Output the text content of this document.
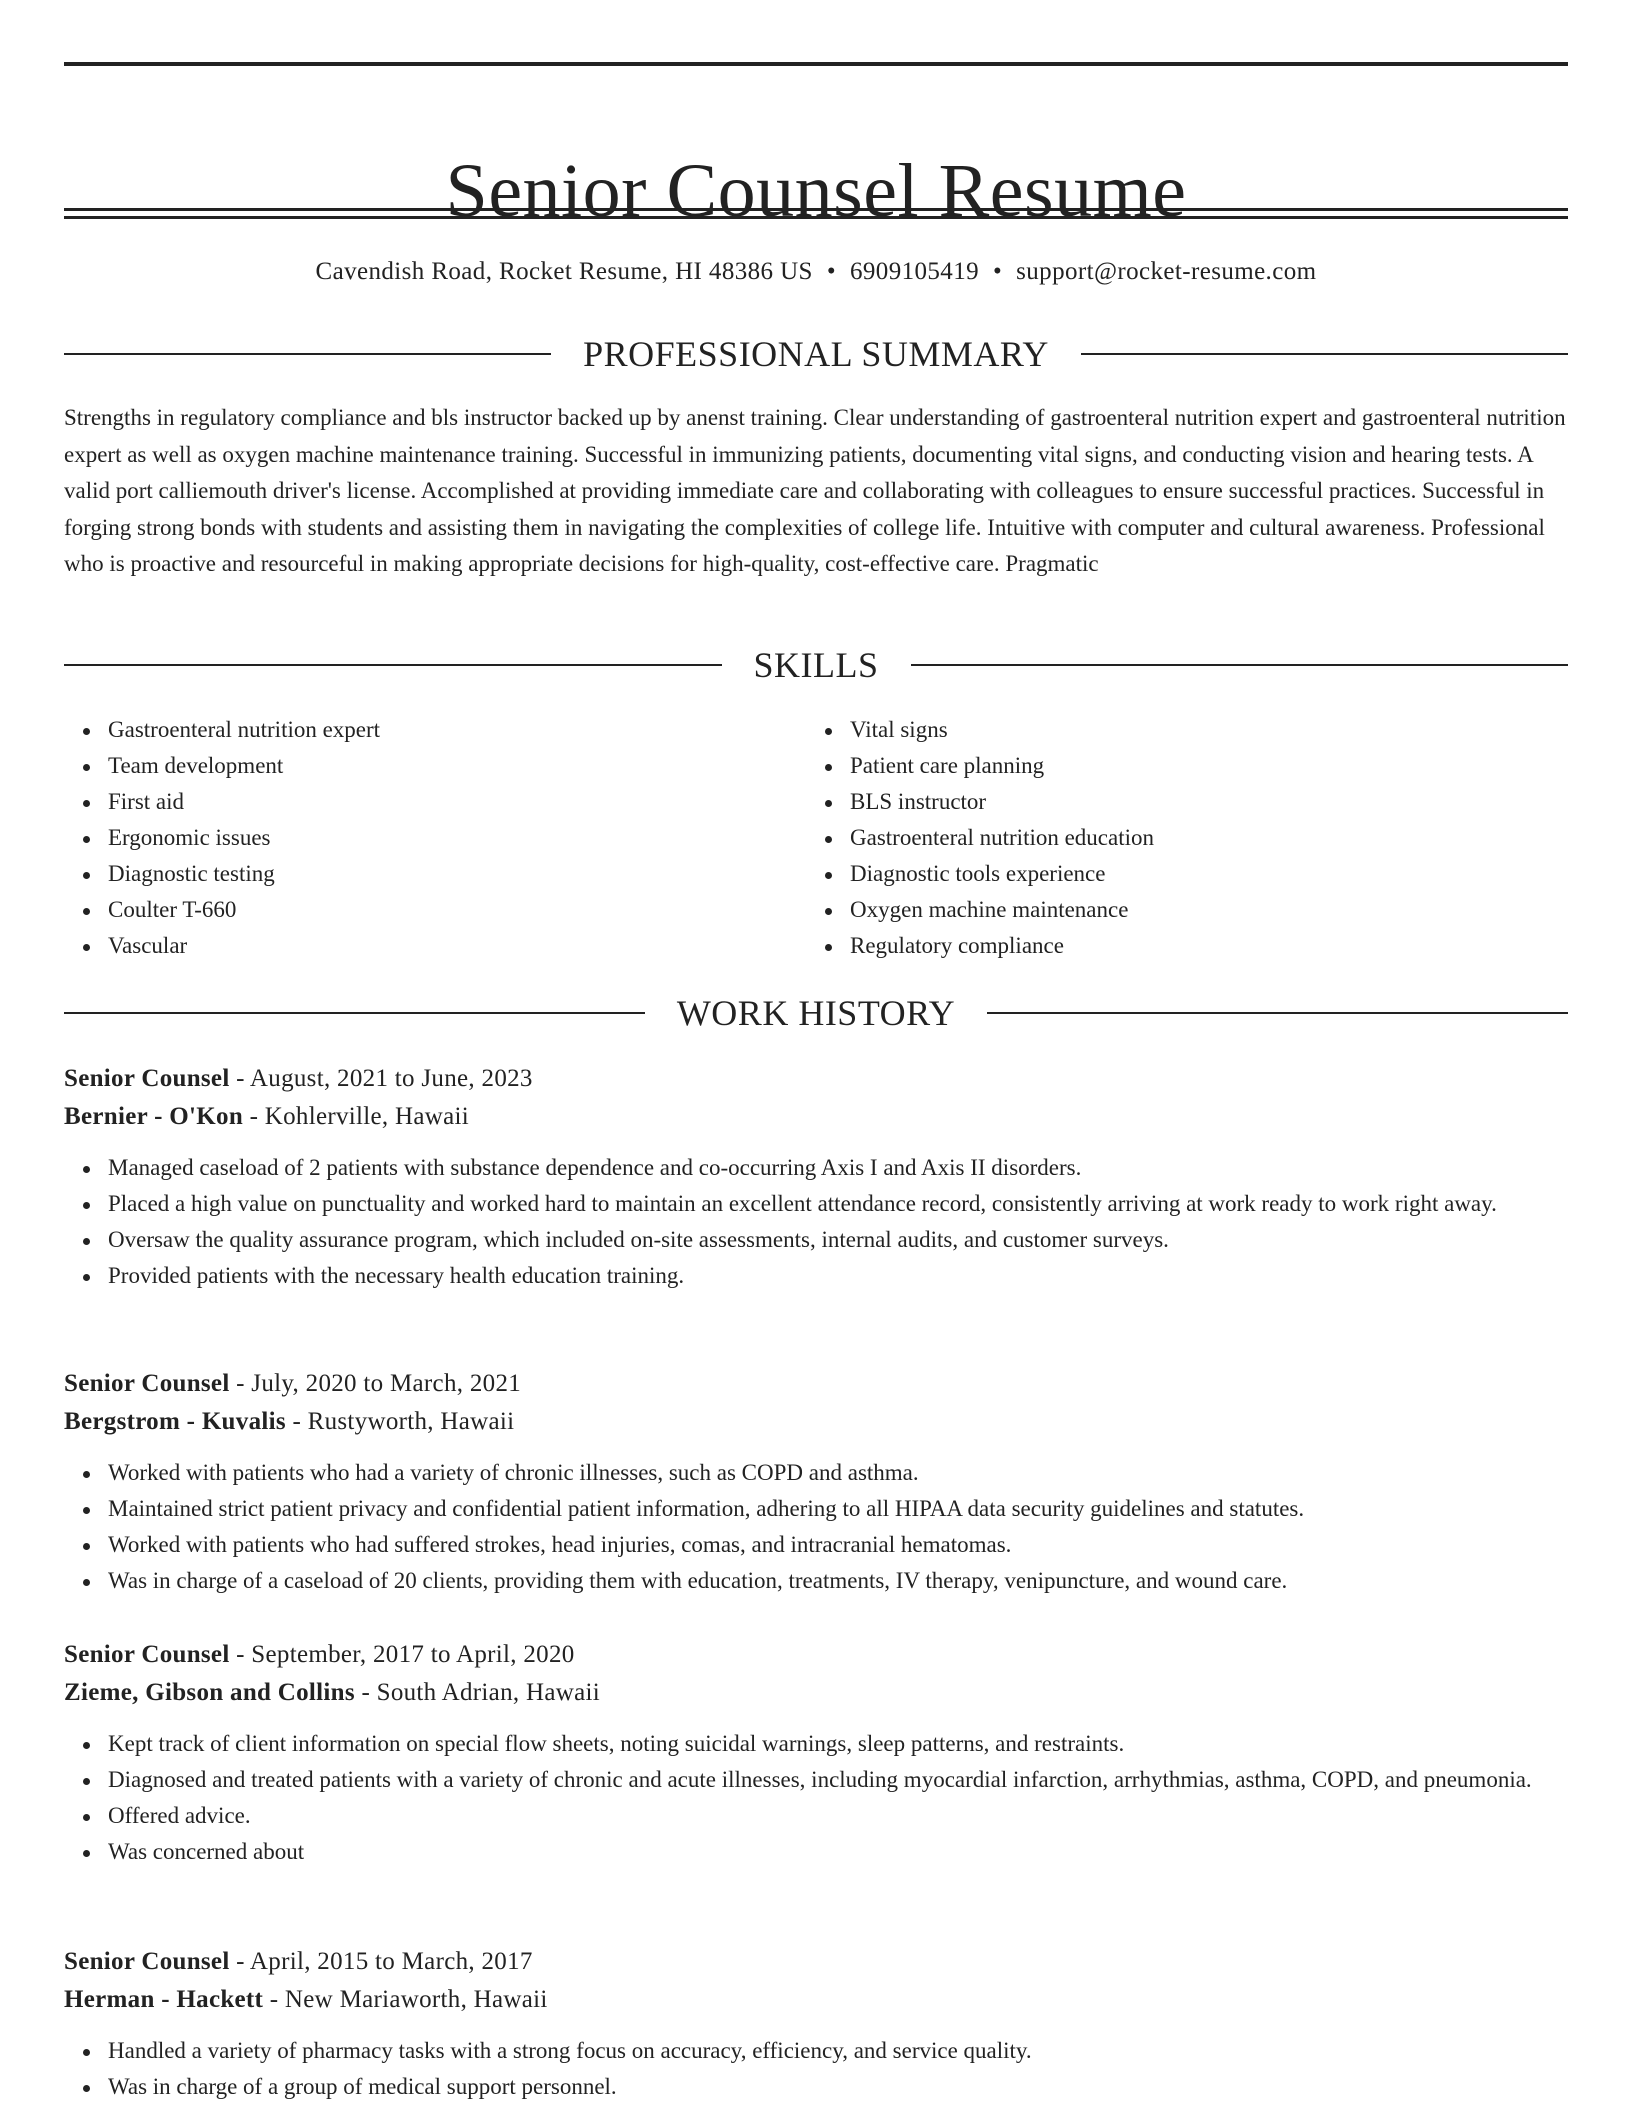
Senior Counsel Resume
Cavendish Road, Rocket Resume, HI 48386 US • 6909105419 • support@rocket-resume.com
PROFESSIONAL SUMMARY

Strengths in regulatory compliance and bls instructor backed up by anenst training. Clear understanding of gastroenteral nutrition expert and gastroenteral nutrition expert as well as oxygen machine maintenance training. Successful in immunizing patients, documenting vital signs, and conducting vision and hearing tests. A valid port calliemouth driver's license. Accomplished at providing immediate care and collaborating with colleagues to ensure successful practices. Successful in forging strong bonds with students and assisting them in navigating the complexities of college life. Intuitive with computer and cultural awareness. Professional who is proactive and resourceful in making appropriate decisions for high-quality, cost-effective care. Pragmatic

SKILLS
Gastroenteral nutrition expert
Team development
First aid
Ergonomic issues
Diagnostic testing
Coulter T-660
Vascular
Vital signs
Patient care planning
BLS instructor
Gastroenteral nutrition education
Diagnostic tools experience
Oxygen machine maintenance
Regulatory compliance
WORK HISTORY
Senior Counsel - August, 2021 to June, 2023
Bernier - O'Kon - Kohlerville, Hawaii
Managed caseload of 2 patients with substance dependence and co-occurring Axis I and Axis II disorders.
Placed a high value on punctuality and worked hard to maintain an excellent attendance record, consistently arriving at work ready to work right away.
Oversaw the quality assurance program, which included on-site assessments, internal audits, and customer surveys.
Provided patients with the necessary health education training.
Senior Counsel - July, 2020 to March, 2021
Bergstrom - Kuvalis - Rustyworth, Hawaii
Worked with patients who had a variety of chronic illnesses, such as COPD and asthma.
Maintained strict patient privacy and confidential patient information, adhering to all HIPAA data security guidelines and statutes.
Worked with patients who had suffered strokes, head injuries, comas, and intracranial hematomas.
Was in charge of a caseload of 20 clients, providing them with education, treatments, IV therapy, venipuncture, and wound care.
Senior Counsel - September, 2017 to April, 2020
Zieme, Gibson and Collins - South Adrian, Hawaii
Kept track of client information on special flow sheets, noting suicidal warnings, sleep patterns, and restraints.
Diagnosed and treated patients with a variety of chronic and acute illnesses, including myocardial infarction, arrhythmias, asthma, COPD, and pneumonia.
Offered advice.
Was concerned about
Senior Counsel - April, 2015 to March, 2017
Herman - Hackett - New Mariaworth, Hawaii
Handled a variety of pharmacy tasks with a strong focus on accuracy, efficiency, and service quality.
Was in charge of a group of medical support personnel.
